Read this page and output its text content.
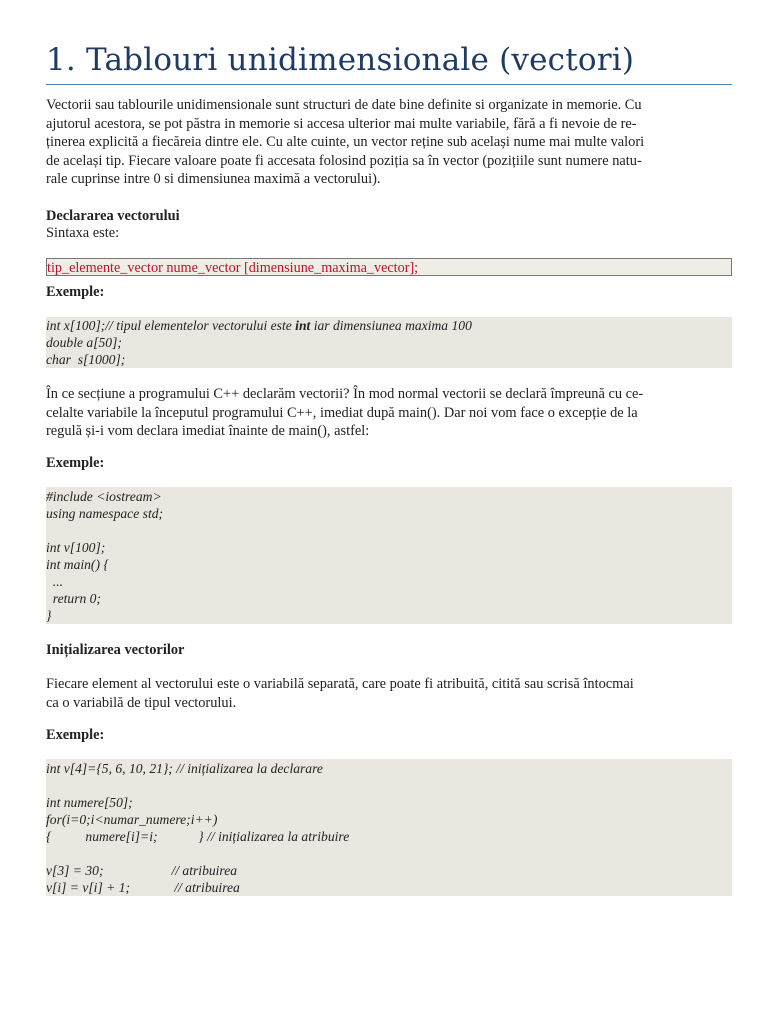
1. Tablouri unidimensionale (vectori)
Vectorii sau tablourile unidimensionale sunt structuri de date bine definite si organizate in memorie. Cu
ajutorul acestora, se pot păstra in memorie si accesa ulterior mai multe variabile, fără a fi nevoie de re-
ținerea explicită a fiecăreia dintre ele. Cu alte cuinte, un vector reține sub același nume mai multe valori
de același tip. Fiecare valoare poate fi accesata folosind poziția sa în vector (pozițiile sunt numere natu-
rale cuprinse intre 0 si dimensiunea maximă a vectorului).
Declararea vectorului
Sintaxa este:
tip_elemente_vector nume_vector [dimensiune_maxima_vector];
Exemple:
int x[100];// tipul elementelor vectorului este int iar dimensiunea maxima 100
double a[50];
char  s[1000];
În ce secțiune a programului C++ declarăm vectorii? În mod normal vectorii se declară împreună cu ce-
celalte variabile la începutul programului C++, imediat după main(). Dar noi vom face o excepție de la
regulă și-i vom declara imediat înainte de main(), astfel:
Exemple:
#include <iostream>
using namespace std;
int v[100];
int main() {
...
return 0;
}
Inițializarea vectorilor
Fiecare element al vectorului este o variabilă separată, care poate fi atribuită, citită sau scrisă întocmai
ca o variabilă de tipul vectorului.
Exemple:
int v[4]={5, 6, 10, 21}; // inițializarea la declarare
int numere[50];
for(i=0;i<numar_numere;i++)
{          numere[i]=i;            } // inițializarea la atribuire
v[3] = 30;                    // atribuirea
v[i] = v[i] + 1;             // atribuirea
